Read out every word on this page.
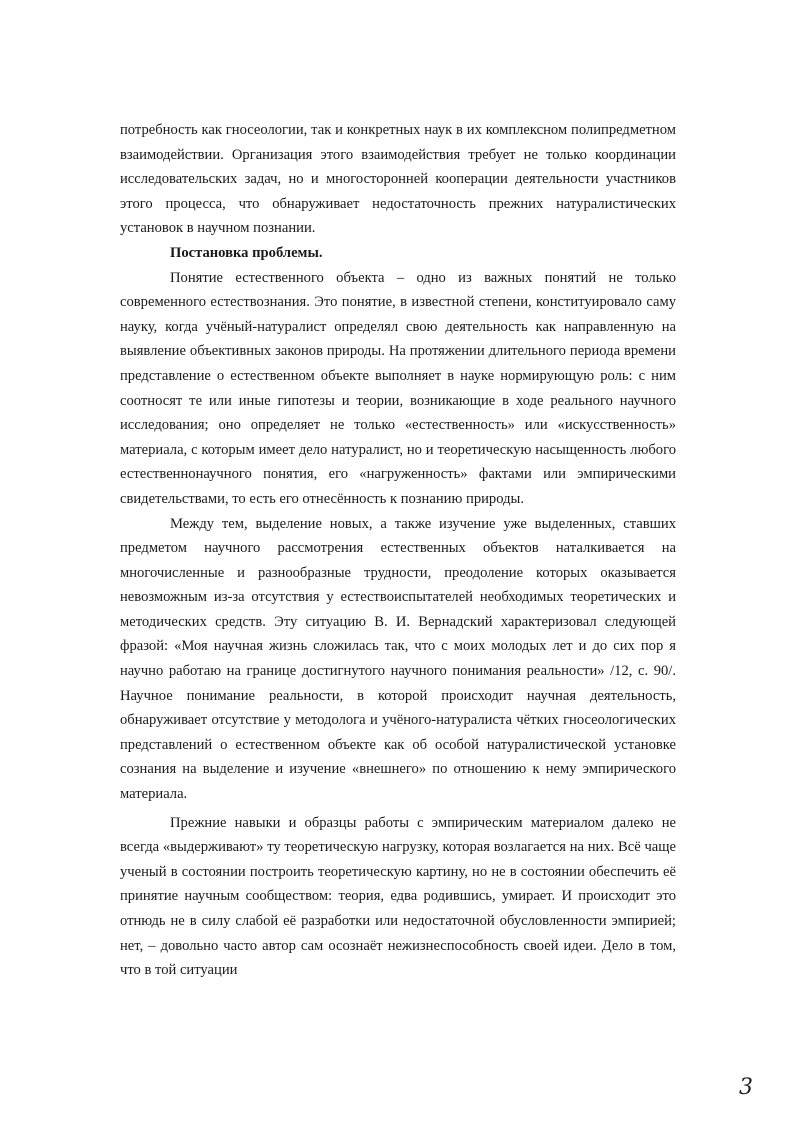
потребность как гносеологии, так и конкретных наук в их комплексном полипредметном взаимодействии. Организация этого взаимодействия требует не только координации исследовательских задач, но и многосторонней кооперации деятельности участников этого процесса, что обнаруживает недостаточность прежних натуралистических установок в научном познании.

Постановка проблемы.

Понятие естественного объекта – одно из важных понятий не только современного естествознания. Это понятие, в известной степени, конституировало саму науку, когда учёный-натуралист определял свою деятельность как направленную на выявление объективных законов природы. На протяжении длительного периода времени представление о естественном объекте выполняет в науке нормирующую роль: с ним соотносят те или иные гипотезы и теории, возникающие в ходе реального научного исследования; оно определяет не только «естественность» или «искусственность» материала, с которым имеет дело натуралист, но и теоретическую насыщенность любого естественнонаучного понятия, его «нагруженность» фактами или эмпирическими свидетельствами, то есть его отнесённость к познанию природы.

Между тем, выделение новых, а также изучение уже выделенных, ставших предметом научного рассмотрения естественных объектов наталкивается на многочисленные и разнообразные трудности, преодоление которых оказывается невозможным из-за отсутствия у естествоиспытателей необходимых теоретических и методических средств. Эту ситуацию В. И. Вернадский характеризовал следующей фразой: «Моя научная жизнь сложилась так, что с моих молодых лет и до сих пор я научно работаю на границе достигнутого научного понимания реальности» /12, с. 90/. Научное понимание реальности, в которой происходит научная деятельность, обнаруживает отсутствие у методолога и учёного-натуралиста чётких гносеологических представлений о естественном объекте как об особой натуралистической установке сознания на выделение и изучение «внешнего» по отношению к нему эмпирического материала.

Прежние навыки и образцы работы с эмпирическим материалом далеко не всегда «выдерживают» ту теоретическую нагрузку, которая возлагается на них. Всё чаще ученый в состоянии построить теоретическую картину, но не в состоянии обеспечить её принятие научным сообществом: теория, едва родившись, умирает. И происходит это отнюдь не в силу слабой её разработки или недостаточной обусловленности эмпирией; нет, – довольно часто автор сам осознаёт нежизнеспособность своей идеи. Дело в том, что в той ситуации

3
